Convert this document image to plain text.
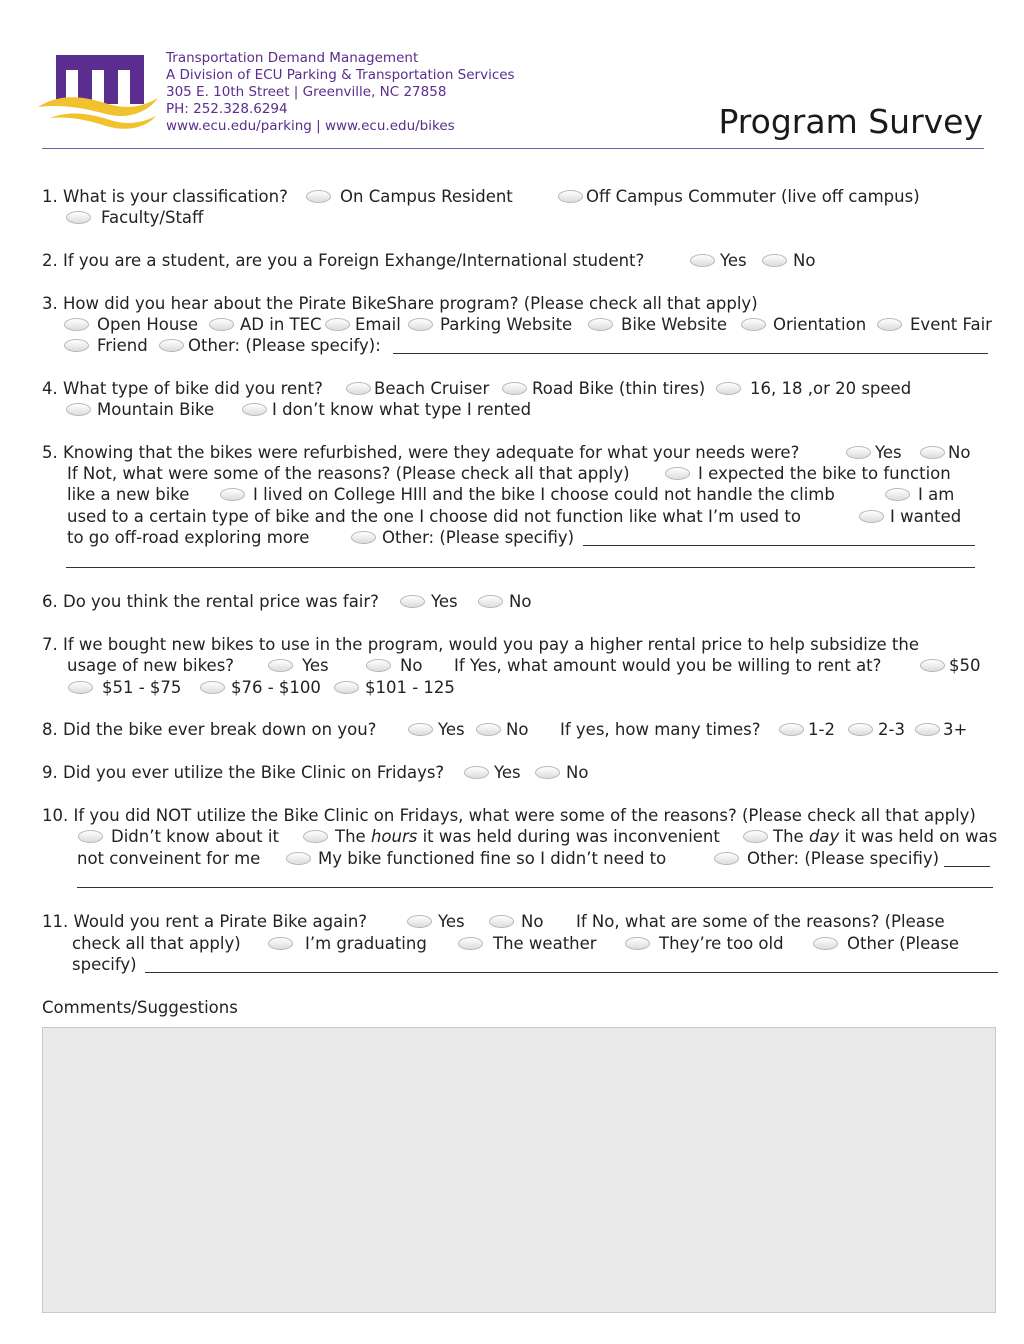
Transportation Demand Management
A Division of ECU Parking & Transportation Services
305 E. 10th Street | Greenville, NC 27858
PH: 252.328.6294
www.ecu.edu/parking | www.ecu.edu/bikes	Program Survey
1. What is your classification?	On Campus Resident	Off Campus Commuter (live off campus)
Faculty/Staff
2. If you are a student, are you a Foreign Exhange/International student?	Yes	No
3. How did you hear about the Pirate BikeShare program? (Please check all that apply)
Open House	AD in TEC Email Parking Website	Bike Website	Orientation	Event Fair
Friend Other: (Please specify):
4. What type of bike did you rent?	Beach Cruiser	Road Bike (thin tires)	16, 18 ,or 20 speed
Mountain Bike	I don’t know what type I rented
5. Knowing that the bikes were refurbished, were they adequate for what your needs were?	Yes	No
If Not, what were some of the reasons? (Please check all that apply)	I expected the bike to function
like a new bike	I lived on College HIll and the bike I choose could not handle the climb	I am
used to a certain type of bike and the one I choose did not function like what I’m used to	I wanted
to go off-road exploring more	Other: (Please specifiy)
6. Do you think the rental price was fair?	Yes	No
7. If we bought new bikes to use in the program, would you pay a higher rental price to help subsidize the
usage of new bikes?	Yes	No If Yes, what amount would you be willing to rent at?	$50
$51 - $75	$76 - $100	$101 - 125
8. Did the bike ever break down on you?	Yes	No If yes, how many times?	1-2	2-3 3+
9. Did you ever utilize the Bike Clinic on Fridays?	Yes	No
10. If you did NOT utilize the Bike Clinic on Fridays, what were some of the reasons? (Please check all that apply)
Didn’t know about it	The hours it was held during was inconvenient	The day it was held on was
not conveinent for me	My bike functioned fine so I didn’t need to	Other: (Please specifiy)
11. Would you rent a Pirate Bike again?	Yes	No If No, what are some of the reasons? (Please
check all that apply)	I’m graduating	The weather	They’re too old	Other (Please
specify)
Comments/Suggestions
